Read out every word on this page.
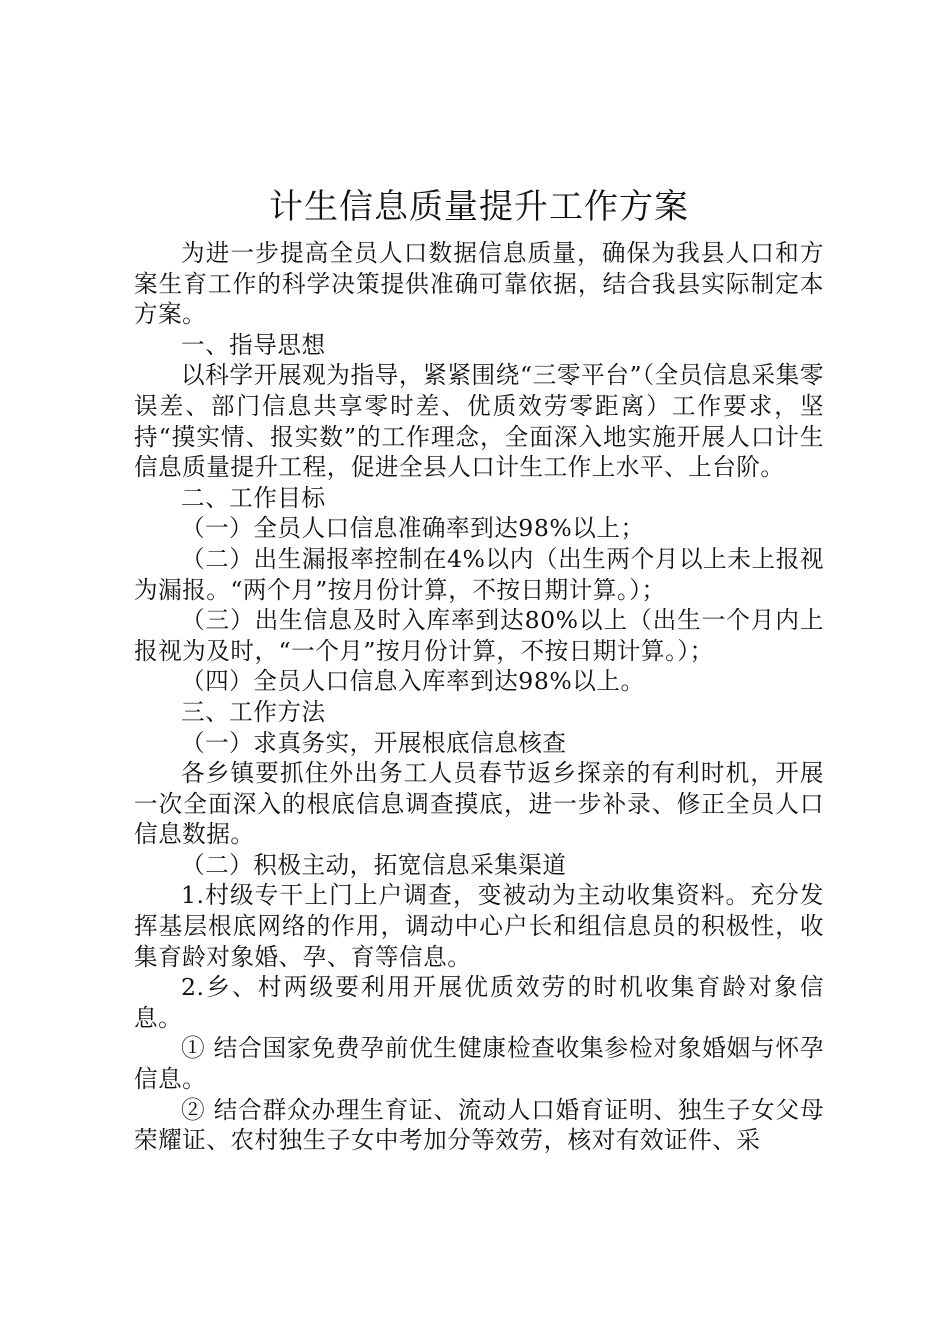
计生信息质量提升工作方案

为进一步提高全员人口数据信息质量，确保为我县人口和方案生育工作的科学决策提供准确可靠依据，结合我县实际制定本方案。

一、指导思想

以科学开展观为指导，紧紧围绕“三零平台”（全员信息采集零误差、部门信息共享零时差、优质效劳零距离）工作要求，坚持“摸实情、报实数”的工作理念，全面深入地实施开展人口计生信息质量提升工程，促进全县人口计生工作上水平、上台阶。

二、工作目标

（一）全员人口信息准确率到达98%以上；

（二）出生漏报率控制在4%以内（出生两个月以上未上报视为漏报。“两个月”按月份计算，不按日期计算。）；

（三）出生信息及时入库率到达80%以上（出生一个月内上报视为及时，“一个月”按月份计算，不按日期计算。）；

（四）全员人口信息入库率到达98%以上。

三、工作方法

（一）求真务实，开展根底信息核查

各乡镇要抓住外出务工人员春节返乡探亲的有利时机，开展一次全面深入的根底信息调查摸底，进一步补录、修正全员人口信息数据。

（二）积极主动，拓宽信息采集渠道

1.村级专干上门上户调查，变被动为主动收集资料。充分发挥基层根底网络的作用，调动中心户长和组信息员的积极性，收集育龄对象婚、孕、育等信息。

2.乡、村两级要利用开展优质效劳的时机收集育龄对象信息。

① 结合国家免费孕前优生健康检查收集参检对象婚姻与怀孕信息。

② 结合群众办理生育证、流动人口婚育证明、独生子女父母荣耀证、农村独生子女中考加分等效劳，核对有效证件、采
